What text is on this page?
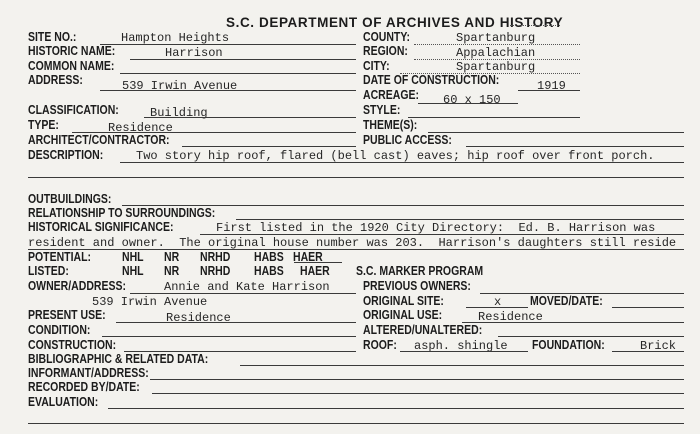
S.C. DEPARTMENT OF ARCHIVES AND HISTORY
SITE NO.:	Hampton Heights
HISTORIC NAME:	Harrison
COMMON NAME:
ADDRESS:	539 Irwin Avenue
COUNTY:	Spartanburg
REGION:	Appalachian
CITY:	Spartanburg
DATE OF CONSTRUCTION:	1919
ACREAGE: 60 x 150
CLASSIFICATION:	Building	STYLE:
TYPE:	Residence	THEME(S):
ARCHITECT/CONTRACTOR:	PUBLIC ACCESS:
DESCRIPTION:	Two story hip roof, flared (bell cast) eaves; hip roof over front porch.
OUTBUILDINGS:
RELATIONSHIP TO SURROUNDINGS:
HISTORICAL SIGNIFICANCE:	First listed in the 1920 City Directory:  Ed. B. Harrison was
resident and owner.  The original house number was 203.  Harrison's daughters still reside
POTENTIAL: NHL NR NRHD HABS HAER
LISTED:	NHL NR NRHD HABS HAER S.C. MARKER PROGRAM
OWNER/ADDRESS:	Annie and Kate Harrison
539 Irwin Avenue
PREVIOUS OWNERS:
ORIGINAL SITE:	x MOVED/DATE:
PRESENT USE:	Residence	ORIGINAL USE:	Residence
CONDITION:	ALTERED/UNALTERED:
CONSTRUCTION:	ROOF: asph. shingle FOUNDATION:	Brick
BIBLIOGRAPHIC & RELATED DATA:
INFORMANT/ADDRESS:
RECORDED BY/DATE:
EVALUATION:
